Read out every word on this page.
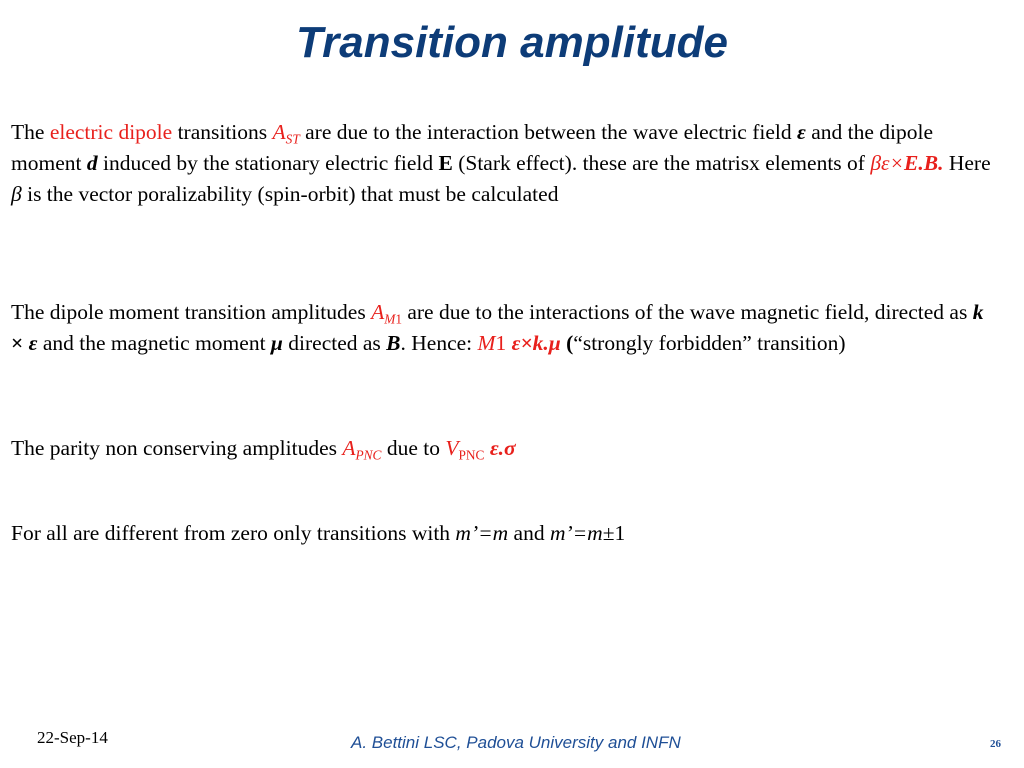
Transition amplitude
The electric dipole transitions $A_{ST}$ are due to the interaction between the wave electric field ε and the dipole moment d induced by the stationary electric field E (Stark effect). these are the matrisx elements of βε×E.B. Here β is the vector poralizability (spin-orbit) that must be calculated
The dipole moment transition amplitudes $A_{M1}$ are due to the interactions of the wave magnetic field, directed as k × ε and the magnetic moment μ directed as B. Hence: M1 ε×k.μ (“strongly forbidden” transition)
The parity non conserving amplitudes $A_{PNC}$ due to $V_{PNC}$ ε.σ
For all are different from zero only transitions with m’=m and m’=m±1
22-Sep-14	A. Bettini LSC, Padova University and INFN	26
